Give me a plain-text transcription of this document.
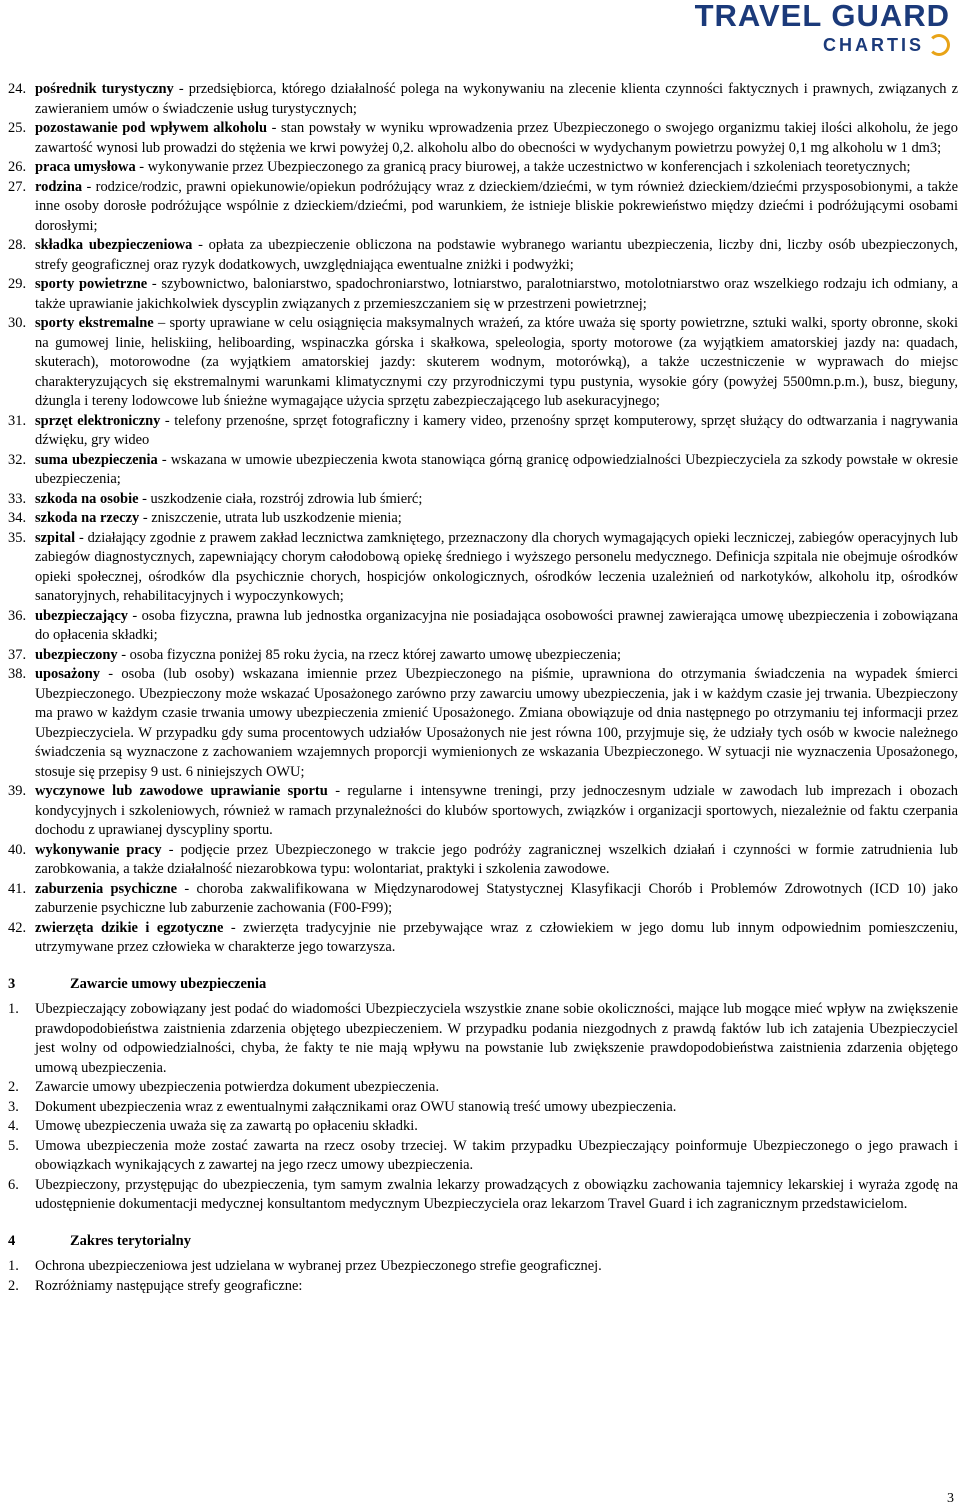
TRAVEL GUARD
CHARTIS
24. pośrednik turystyczny - przedsiębiorca, którego działalność polega na wykonywaniu na zlecenie klienta czynności faktycznych i prawnych, związanych z zawieraniem umów o świadczenie usług turystycznych;
25. pozostawanie pod wpływem alkoholu - stan powstały w wyniku wprowadzenia przez Ubezpieczonego o swojego organizmu takiej ilości alkoholu, że jego zawartość wynosi lub prowadzi do stężenia we krwi powyżej 0,2. alkoholu albo do obecności w wydychanym powietrzu powyżej 0,1 mg alkoholu w 1 dm3;
26. praca umysłowa - wykonywanie przez Ubezpieczonego za granicą pracy biurowej, a także uczestnictwo w konferencjach i szkoleniach teoretycznych;
27. rodzina - rodzice/rodzic, prawni opiekunowie/opiekun podróżujący wraz z dzieckiem/dziećmi, w tym również dzieckiem/dziećmi przysposobionymi, a także inne osoby dorosłe podróżujące wspólnie z dzieckiem/dziećmi, pod warunkiem, że istnieje bliskie pokrewieństwo między dziećmi i podróżującymi osobami dorosłymi;
28. składka ubezpieczeniowa - opłata za ubezpieczenie obliczona na podstawie wybranego wariantu ubezpieczenia, liczby dni, liczby osób ubezpieczonych, strefy geograficznej oraz ryzyk dodatkowych, uwzględniająca ewentualne zniżki i podwyżki;
29. sporty powietrzne - szybownictwo, baloniarstwo, spadochroniarstwo, lotniarstwo, paralotniarstwo, motolotniarstwo oraz wszelkiego rodzaju ich odmiany, a także uprawianie jakichkolwiek dyscyplin związanych z przemieszczaniem się w przestrzeni powietrznej;
30. sporty ekstremalne – sporty uprawiane w celu osiągnięcia maksymalnych wrażeń, za które uważa się sporty powietrzne, sztuki walki, sporty obronne, skoki na gumowej linie, heliskiing, heliboarding, wspinaczka górska i skałkowa, speleologia, sporty motorowe (za wyjątkiem amatorskiej jazdy na: quadach, skuterach), motorowodne (za wyjątkiem amatorskiej jazdy: skuterem wodnym, motorówką), a także uczestniczenie w wyprawach do miejsc charakteryzujących się ekstremalnymi warunkami klimatycznymi czy przyrodniczymi typu pustynia, wysokie góry (powyżej 5500mn.p.m.), busz, bieguny, dżungla i tereny lodowcowe lub śnieżne wymagające użycia sprzętu zabezpieczającego lub asekuracyjnego;
31. sprzęt elektroniczny - telefony przenośne, sprzęt fotograficzny i kamery video, przenośny sprzęt komputerowy, sprzęt służący do odtwarzania i nagrywania dźwięku, gry wideo
32. suma ubezpieczenia - wskazana w umowie ubezpieczenia kwota stanowiąca górną granicę odpowiedzialności Ubezpieczyciela za szkody powstałe w okresie ubezpieczenia;
33. szkoda na osobie - uszkodzenie ciała, rozstrój zdrowia lub śmierć;
34. szkoda na rzeczy - zniszczenie, utrata lub uszkodzenie mienia;
35. szpital - działający zgodnie z prawem zakład lecznictwa zamkniętego, przeznaczony dla chorych wymagających opieki leczniczej, zabiegów operacyjnych lub zabiegów diagnostycznych, zapewniający chorym całodobową opiekę średniego i wyższego personelu medycznego. Definicja szpitala nie obejmuje ośrodków opieki społecznej, ośrodków dla psychicznie chorych, hospicjów onkologicznych, ośrodków leczenia uzależnień od narkotyków, alkoholu itp, ośrodków sanatoryjnych, rehabilitacyjnych i wypoczynkowych;
36. ubezpieczający - osoba fizyczna, prawna lub jednostka organizacyjna nie posiadająca osobowości prawnej zawierająca umowę ubezpieczenia i zobowiązana do opłacenia składki;
37. ubezpieczony - osoba fizyczna poniżej 85 roku życia, na rzecz której zawarto umowę ubezpieczenia;
38. uposażony - osoba (lub osoby) wskazana imiennie przez Ubezpieczonego na piśmie, uprawniona do otrzymania świadczenia na wypadek śmierci Ubezpieczonego. Ubezpieczony może wskazać Uposażonego zarówno przy zawarciu umowy ubezpieczenia, jak i w każdym czasie jej trwania. Ubezpieczony ma prawo w każdym czasie trwania umowy ubezpieczenia zmienić Uposażonego. Zmiana obowiązuje od dnia następnego po otrzymaniu tej informacji przez Ubezpieczyciela. W przypadku gdy suma procentowych udziałów Uposażonych nie jest równa 100, przyjmuje się, że udziały tych osób w kwocie należnego świadczenia są wyznaczone z zachowaniem wzajemnych proporcji wymienionych ze wskazania Ubezpieczonego. W sytuacji nie wyznaczenia Uposażonego, stosuje się przepisy 9 ust. 6 niniejszych OWU;
39. wyczynowe lub zawodowe uprawianie sportu - regularne i intensywne treningi, przy jednoczesnym udziale w zawodach lub imprezach i obozach kondycyjnych i szkoleniowych, również w ramach przynależności do klubów sportowych, związków i organizacji sportowych, niezależnie od faktu czerpania dochodu z uprawianej dyscypliny sportu.
40. wykonywanie pracy - podjęcie przez Ubezpieczonego w trakcie jego podróży zagranicznej wszelkich działań i czynności w formie zatrudnienia lub zarobkowania, a także działalność niezarobkowa typu: wolontariat, praktyki i szkolenia zawodowe.
41. zaburzenia psychiczne - choroba zakwalifikowana w Międzynarodowej Statystycznej Klasyfikacji Chorób i Problemów Zdrowotnych (ICD 10) jako zaburzenie psychiczne lub zaburzenie zachowania (F00-F99);
42. zwierzęta dzikie i egzotyczne - zwierzęta tradycyjnie nie przebywające wraz z człowiekiem w jego domu lub innym odpowiednim pomieszczeniu, utrzymywane przez człowieka w charakterze jego towarzysza.
3	Zawarcie umowy ubezpieczenia
1. Ubezpieczający zobowiązany jest podać do wiadomości Ubezpieczyciela wszystkie znane sobie okoliczności, mające lub mogące mieć wpływ na zwiększenie prawdopodobieństwa zaistnienia zdarzenia objętego ubezpieczeniem. W przypadku podania niezgodnych z prawdą faktów lub ich zatajenia Ubezpieczyciel jest wolny od odpowiedzialności, chyba, że fakty te nie mają wpływu na powstanie lub zwiększenie prawdopodobieństwa zaistnienia zdarzenia objętego umową ubezpieczenia.
2. Zawarcie umowy ubezpieczenia potwierdza dokument ubezpieczenia.
3. Dokument ubezpieczenia wraz z ewentualnymi załącznikami oraz OWU stanowią treść umowy ubezpieczenia.
4. Umowę ubezpieczenia uważa się za zawartą po opłaceniu składki.
5. Umowa ubezpieczenia może zostać zawarta na rzecz osoby trzeciej. W takim przypadku Ubezpieczający poinformuje Ubezpieczonego o jego prawach i obowiązkach wynikających z zawartej na jego rzecz umowy ubezpieczenia.
6. Ubezpieczony, przystępując do ubezpieczenia, tym samym zwalnia lekarzy prowadzących z obowiązku zachowania tajemnicy lekarskiej i wyraża zgodę na udostępnienie dokumentacji medycznej konsultantom medycznym Ubezpieczyciela oraz lekarzom Travel Guard i ich zagranicznym przedstawicielom.
4	Zakres terytorialny
1. Ochrona ubezpieczeniowa jest udzielana w wybranej przez Ubezpieczonego strefie geograficznej.
2. Rozróżniamy następujące strefy geograficzne:
3
